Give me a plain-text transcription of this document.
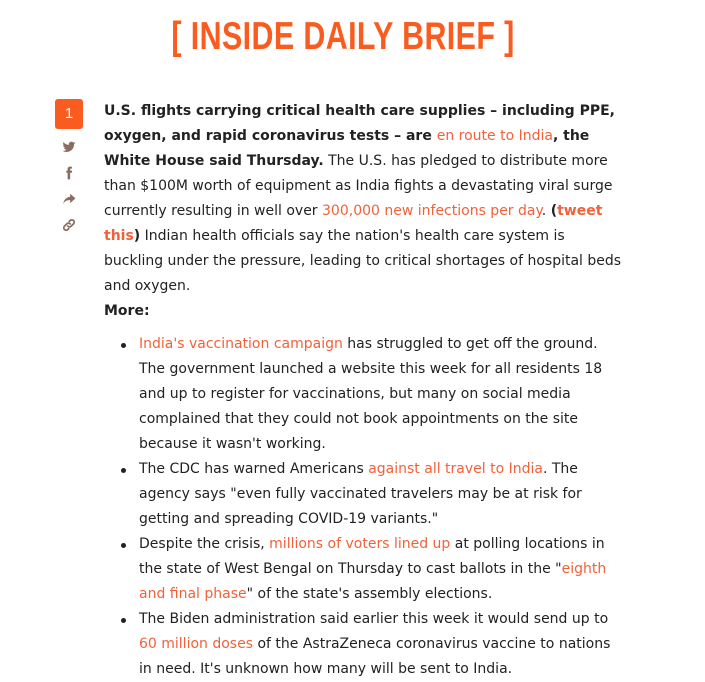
[ INSIDE DAILY BRIEF ]
1	U.S. flights carrying critical health care supplies – including PPE, oxygen, and rapid coronavirus tests – are en route to India, the White House said Thursday. The U.S. has pledged to distribute more than $100M worth of equipment as India fights a devastating viral surge currently resulting in well over 300,000 new infections per day. (tweet this) Indian health officials say the nation's health care system is buckling under the pressure, leading to critical shortages of hospital beds and oxygen.

More:

India's vaccination campaign has struggled to get off the ground. The government launched a website this week for all residents 18 and up to register for vaccinations, but many on social media complained that they could not book appointments on the site because it wasn't working.
The CDC has warned Americans against all travel to India. The agency says "even fully vaccinated travelers may be at risk for getting and spreading COVID-19 variants."
Despite the crisis, millions of voters lined up at polling locations in the state of West Bengal on Thursday to cast ballots in the "eighth and final phase" of the state's assembly elections.
The Biden administration said earlier this week it would send up to 60 million doses of the AstraZeneca coronavirus vaccine to nations in need. It's unknown how many will be sent to India.
